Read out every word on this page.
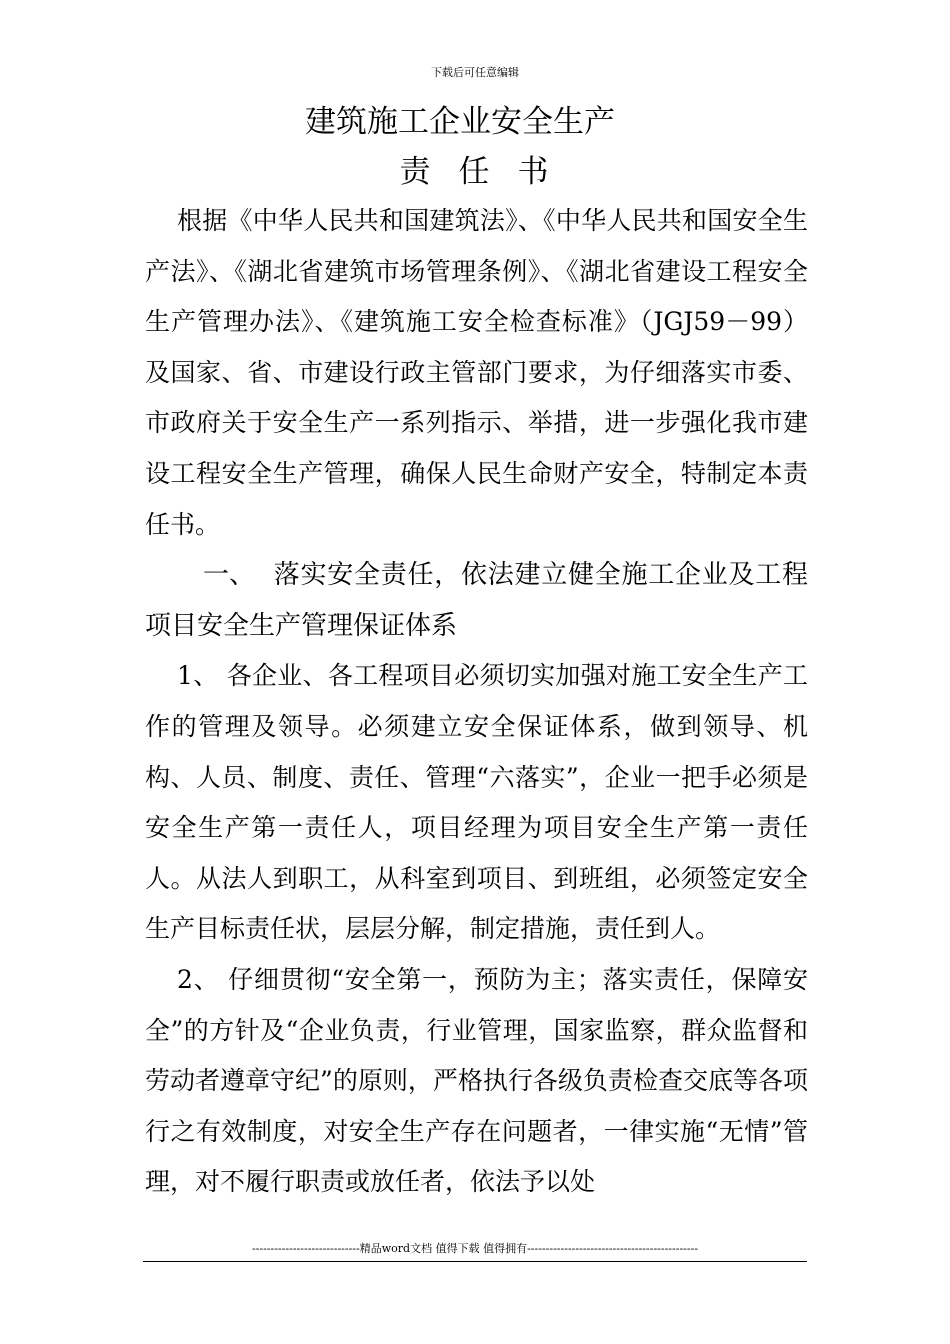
下载后可任意编辑
建筑施工企业安全生产
责任书

根据《中华人民共和国建筑法》、《中华人民共和国安全生产法》、《湖北省建筑市场管理条例》、《湖北省建设工程安全生产管理办法》、《建筑施工安全检查标准》（JGJ59－99）及国家、省、市建设行政主管部门要求，为仔细落实市委、市政府关于安全生产一系列指示、举措，进一步强化我市建设工程安全生产管理，确保人民生命财产安全，特制定本责任书。

一、 落实安全责任，依法建立健全施工企业及工程项目安全生产管理保证体系

1、 各企业、各工程项目必须切实加强对施工安全生产工作的管理及领导。必须建立安全保证体系，做到领导、机构、人员、制度、责任、管理“六落实”，企业一把手必须是安全生产第一责任人，项目经理为项目安全生产第一责任人。从法人到职工，从科室到项目、到班组，必须签定安全生产目标责任状，层层分解，制定措施，责任到人。

2、 仔细贯彻“安全第一，预防为主；落实责任，保障安全”的方针及“企业负责，行业管理，国家监察，群众监督和劳动者遵章守纪”的原则，严格执行各级负责检查交底等各项行之有效制度，对安全生产存在问题者，一律实施“无情”管理，对不履行职责或放任者，依法予以处

-----------------------------精品word文档 值得下载 值得拥有----------------------------------------------
